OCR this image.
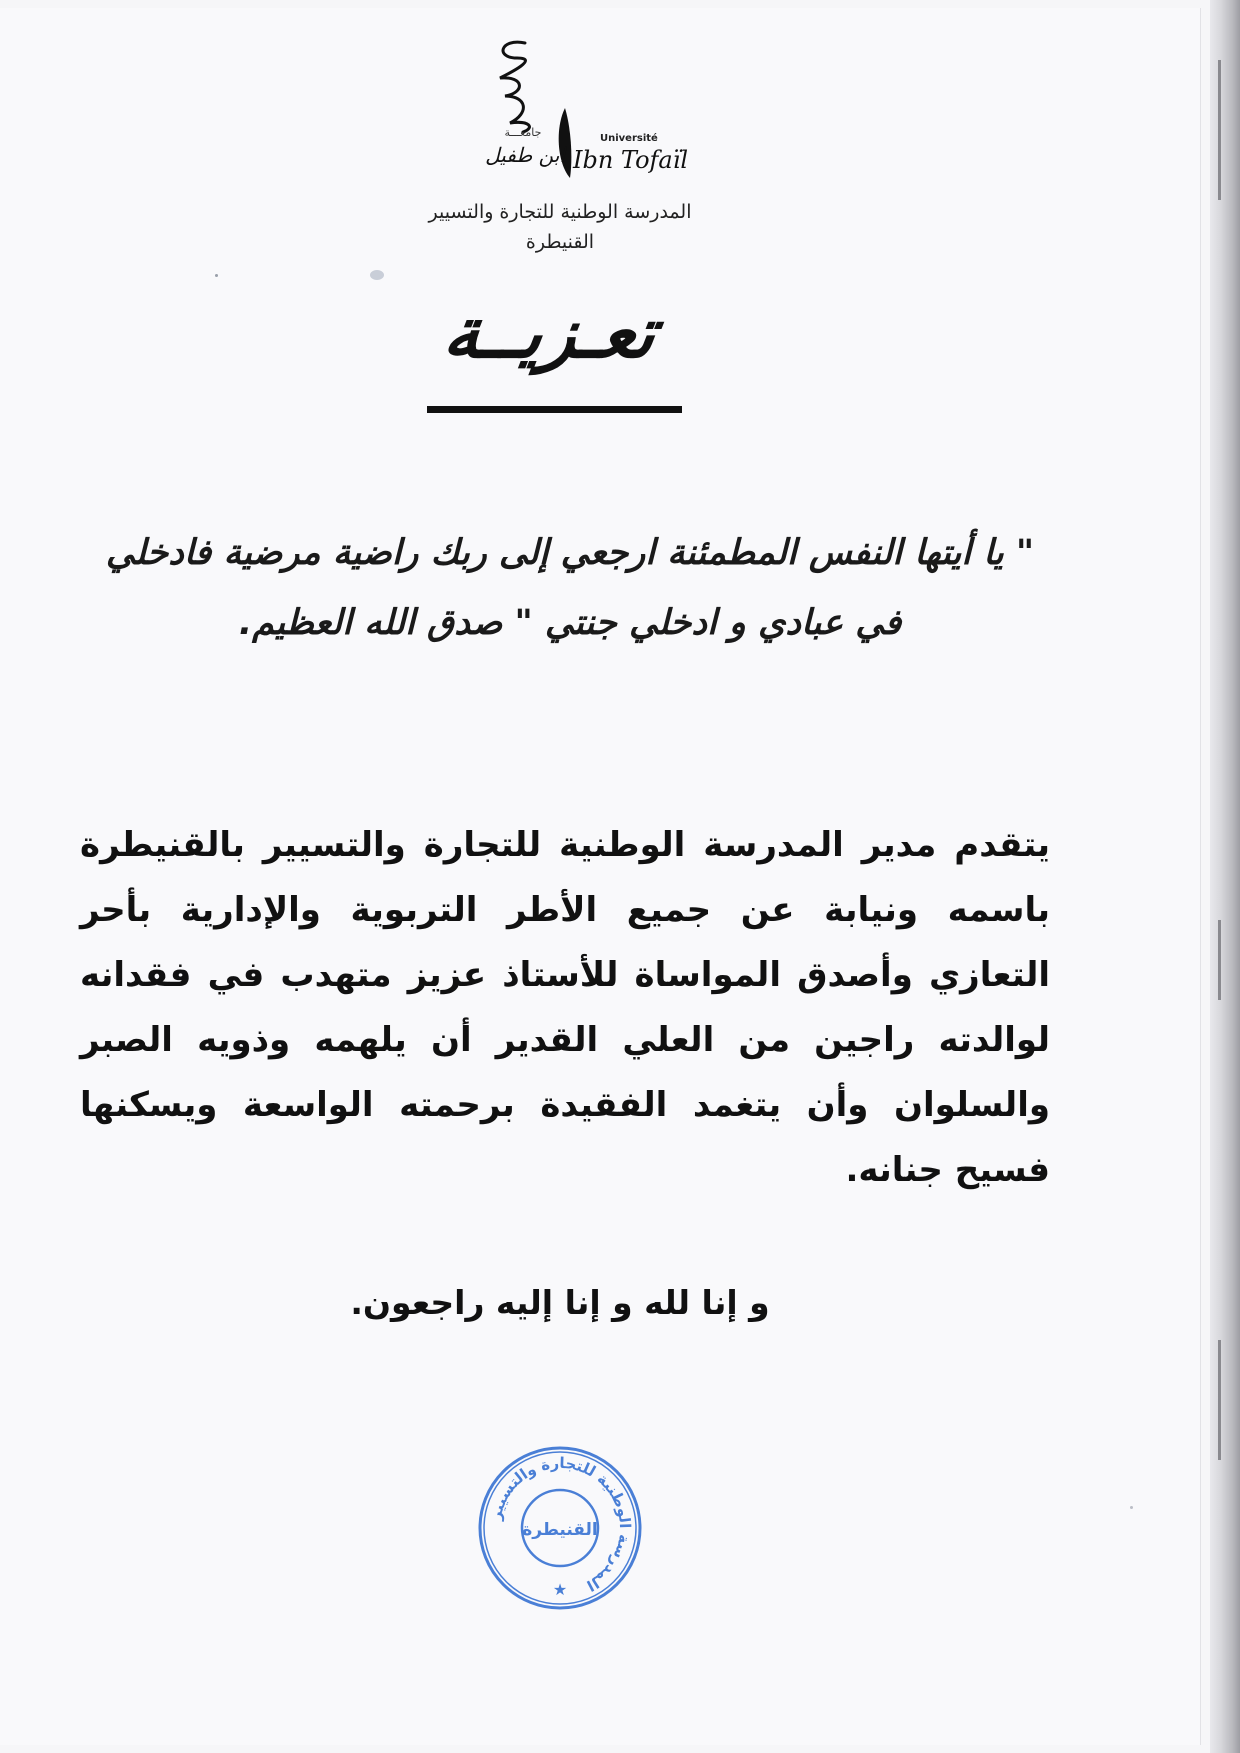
جامعـــة
ابن طفيل
Université
Ibn Tofaïl
المدرسة الوطنية للتجارة والتسيير
القنيطرة
تعـزيــة
" يا أيتها النفس المطمئنة ارجعي إلى ربك راضية مرضية فادخلي في عبادي و ادخلي جنتي " صدق الله العظيم.
يتقدم مدير المدرسة الوطنية للتجارة والتسيير بالقنيطرة باسمه ونيابة عن جميع الأطر التربوية والإدارية بأحر التعازي وأصدق المواساة للأستاذ عزيز متهدب في فقدانه لوالدته راجين من العلي القدير أن يلهمه وذويه الصبر والسلوان وأن يتغمد الفقيدة برحمته الواسعة ويسكنها فسيح جنانه.
و إنا لله و إنا إليه راجعون.
المدرسة الوطنية للتجارة والتسيير
القنيطرة
★
